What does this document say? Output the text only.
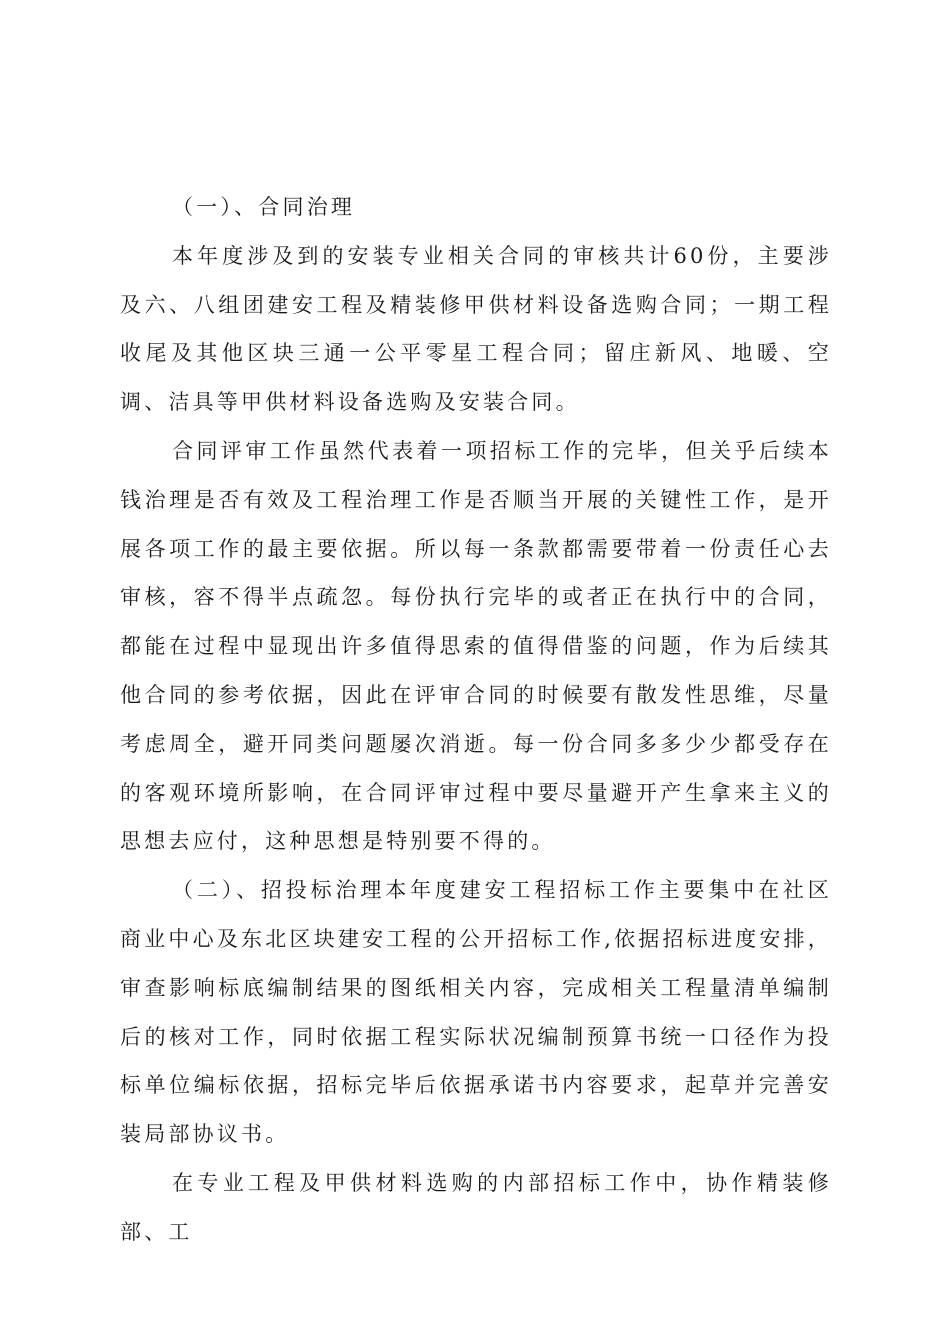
（一）、合同治理

本年度涉及到的安装专业相关合同的审核共计60份，主要涉及六、八组团建安工程及精装修甲供材料设备选购合同；一期工程收尾及其他区块三通一公平零星工程合同；留庄新风、地暖、空调、洁具等甲供材料设备选购及安装合同。

合同评审工作虽然代表着一项招标工作的完毕，但关乎后续本钱治理是否有效及工程治理工作是否顺当开展的关键性工作，是开展各项工作的最主要依据。所以每一条款都需要带着一份责任心去审核，容不得半点疏忽。每份执行完毕的或者正在执行中的合同，都能在过程中显现出许多值得思索的值得借鉴的问题，作为后续其他合同的参考依据，因此在评审合同的时候要有散发性思维，尽量考虑周全，避开同类问题屡次消逝。每一份合同多多少少都受存在的客观环境所影响，在合同评审过程中要尽量避开产生拿来主义的思想去应付，这种思想是特别要不得的。

（二）、招投标治理本年度建安工程招标工作主要集中在社区商业中心及东北区块建安工程的公开招标工作,依据招标进度安排，审查影响标底编制结果的图纸相关内容，完成相关工程量清单编制后的核对工作，同时依据工程实际状况编制预算书统一口径作为投标单位编标依据，招标完毕后依据承诺书内容要求，起草并完善安装局部协议书。

在专业工程及甲供材料选购的内部招标工作中，协作精装修部、工
